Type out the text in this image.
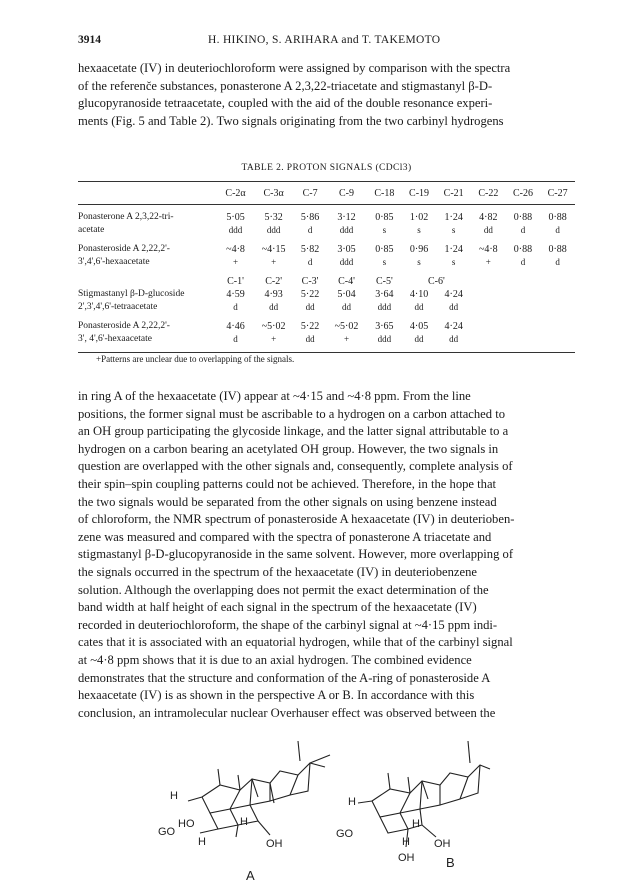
3914	H. HIKINO, S. ARIHARA and T. TAKEMOTO
hexaacetate (IV) in deuteriochloroform were assigned by comparison with the spectra
of the referenče substances, ponasterone A 2,3,22-triacetate and stigmastanyl β-D-
glucopyranoside tetraacetate, coupled with the aid of the double resonance experi-
ments (Fig. 5 and Table 2). Two signals originating from the two carbinyl hydrogens
TABLE 2. PROTON SIGNALS (CDCl3)
	C-2α	C-3α	C-7	C-9	C-18	C-19	C-21	C-22	C-26	C-27

Ponasterone A 2,3,22-tri-	5·05	5·32	5·86	3·12	0·85	1·02	1·24	4·82	0·88	0·88
acetate	ddd	ddd	d	ddd	s	s	s	dd	d	d

Ponasteroside A 2,22,2'-	~4·8	~4·15	5·82	3·05	0·85	0·96	1·24	~4·8	0·88	0·88
3',4',6'-hexaacetate	+	+	d	ddd	s	s	s	+	d	d

	C-1'	C-2'	C-3'	C-4'	C-5'	C-6'				
Stigmastanyl β-D-glucoside	4·59	4·93	5·22	5·04	3·64	4·10	4·24			
2',3',4',6'-tetraacetate	d	dd	dd	dd	ddd	dd	dd			

Ponasteroside A 2,22,2'-	4·46	~5·02	5·22	~5·02	3·65	4·05	4·24			
3', 4',6'-hexaacetate	d	+	dd	+	ddd	dd	dd			

+Patterns are unclear due to overlapping of the signals.
in ring A of the hexaacetate (IV) appear at ~4·15 and ~4·8 ppm. From the line
positions, the former signal must be ascribable to a hydrogen on a carbon attached to
an OH group participating the glycoside linkage, and the latter signal attributable to a
hydrogen on a carbon bearing an acetylated OH group. However, the two signals in
question are overlapped with the other signals and, consequently, complete analysis of
their spin–spin coupling patterns could not be achieved. Therefore, in the hope that
the two signals would be separated from the other signals on using benzene instead
of chloroform, the NMR spectrum of ponasteroside A hexaacetate (IV) in deuterioben-
zene was measured and compared with the spectra of ponasterone A triacetate and
stigmastanyl β-D-glucopyranoside in the same solvent. However, more overlapping of
the signals occurred in the spectrum of the hexaacetate (IV) in deuteriobenzene
solution. Although the overlapping does not permit the exact determination of the
band width at half height of each signal in the spectrum of the hexaacetate (IV)
recorded in deuteriochloroform, the shape of the carbinyl signal at ~4·15 ppm indi-
cates that it is associated with an equatorial hydrogen, while that of the carbinyl signal
at ~4·8 ppm shows that it is due to an axial hydrogen. The combined evidence
demonstrates that the structure and conformation of the A-ring of ponasteroside A
hexaacetate (IV) is as shown in the perspective A or B. In accordance with this
conclusion, an intramolecular nuclear Overhauser effect was observed between the
H
GO
HO	H
H	OH
A
H
GO
H
OH
H
OH B
